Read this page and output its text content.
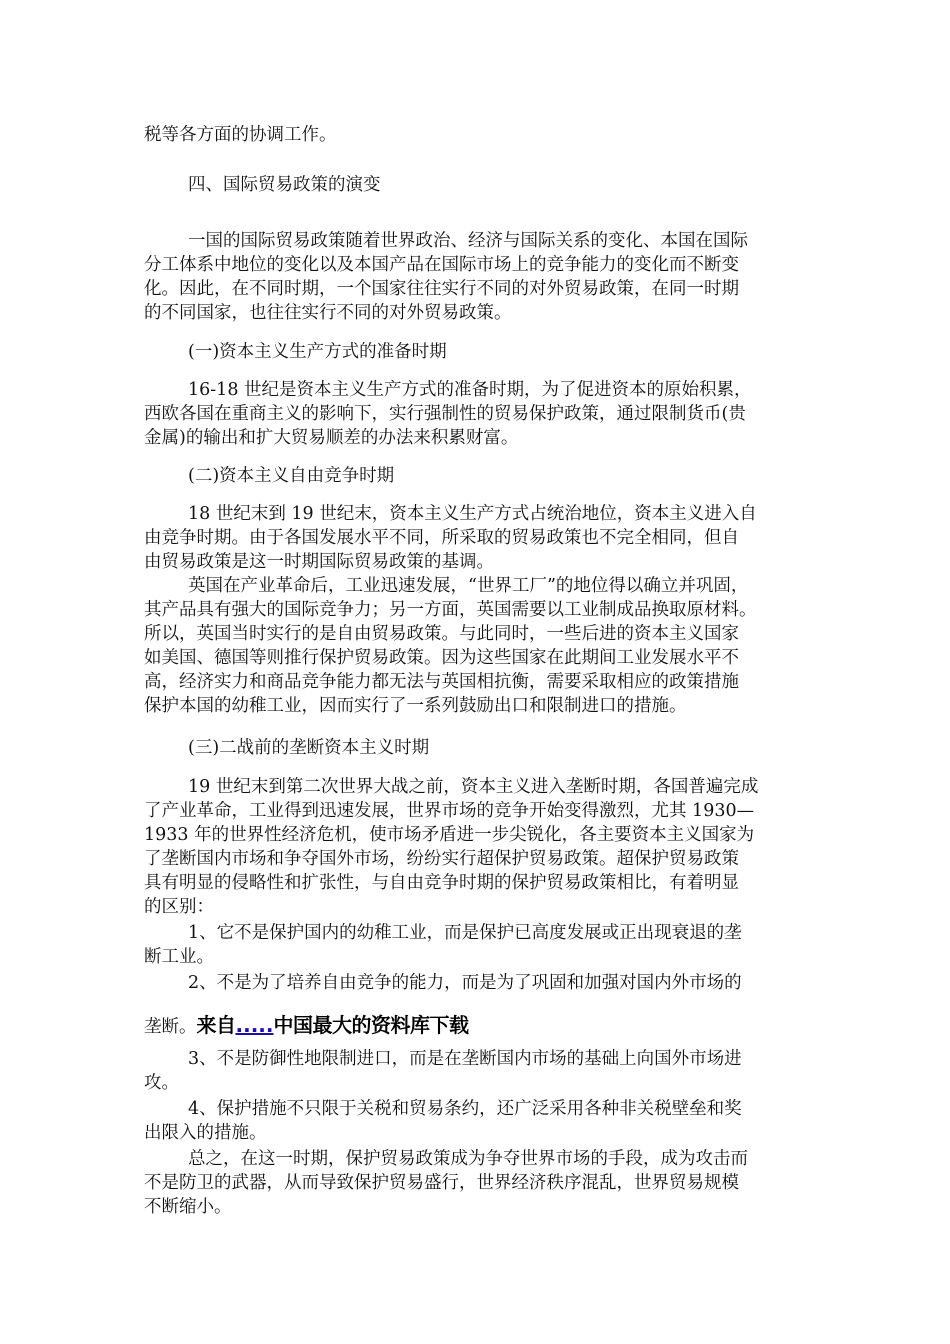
税等各方面的协调工作。
四、国际贸易政策的演变
一国的国际贸易政策随着世界政治、经济与国际关系的变化、本国在国际
分工体系中地位的变化以及本国产品在国际市场上的竞争能力的变化而不断变
化。因此，在不同时期，一个国家往往实行不同的对外贸易政策，在同一时期
的不同国家，也往往实行不同的对外贸易政策。
(一)资本主义生产方式的准备时期
16-18 世纪是资本主义生产方式的准备时期，为了促进资本的原始积累，
西欧各国在重商主义的影响下，实行强制性的贸易保护政策，通过限制货币(贵
金属)的输出和扩大贸易顺差的办法来积累财富。
(二)资本主义自由竞争时期
18 世纪末到 19 世纪末，资本主义生产方式占统治地位，资本主义进入自
由竞争时期。由于各国发展水平不同，所采取的贸易政策也不完全相同，但自
由贸易政策是这一时期国际贸易政策的基调。
英国在产业革命后，工业迅速发展，“世界工厂”的地位得以确立并巩固，
其产品具有强大的国际竞争力；另一方面，英国需要以工业制成品换取原材料。
所以，英国当时实行的是自由贸易政策。与此同时，一些后进的资本主义国家
如美国、德国等则推行保护贸易政策。因为这些国家在此期间工业发展水平不
高，经济实力和商品竞争能力都无法与英国相抗衡，需要采取相应的政策措施
保护本国的幼稚工业，因而实行了一系列鼓励出口和限制进口的措施。
(三)二战前的垄断资本主义时期
19 世纪末到第二次世界大战之前，资本主义进入垄断时期，各国普遍完成
了产业革命，工业得到迅速发展，世界市场的竞争开始变得激烈，尤其 1930—
1933 年的世界性经济危机，使市场矛盾进一步尖锐化，各主要资本主义国家为
了垄断国内市场和争夺国外市场，纷纷实行超保护贸易政策。超保护贸易政策
具有明显的侵略性和扩张性，与自由竞争时期的保护贸易政策相比，有着明显
的区别：
1、它不是保护国内的幼稚工业，而是保护已高度发展或正出现衰退的垄
断工业。
2、不是为了培养自由竞争的能力，而是为了巩固和加强对国内外市场的
3、不是防御性地限制进口，而是在垄断国内市场的基础上向国外市场进
攻。
4、保护措施不只限于关税和贸易条约，还广泛采用各种非关税壁垒和奖
出限入的措施。
总之，在这一时期，保护贸易政策成为争夺世界市场的手段，成为攻击而
不是防卫的武器，从而导致保护贸易盛行，世界经济秩序混乱，世界贸易规模
不断缩小。
垄断。来自.....中国最大的资料库下载
